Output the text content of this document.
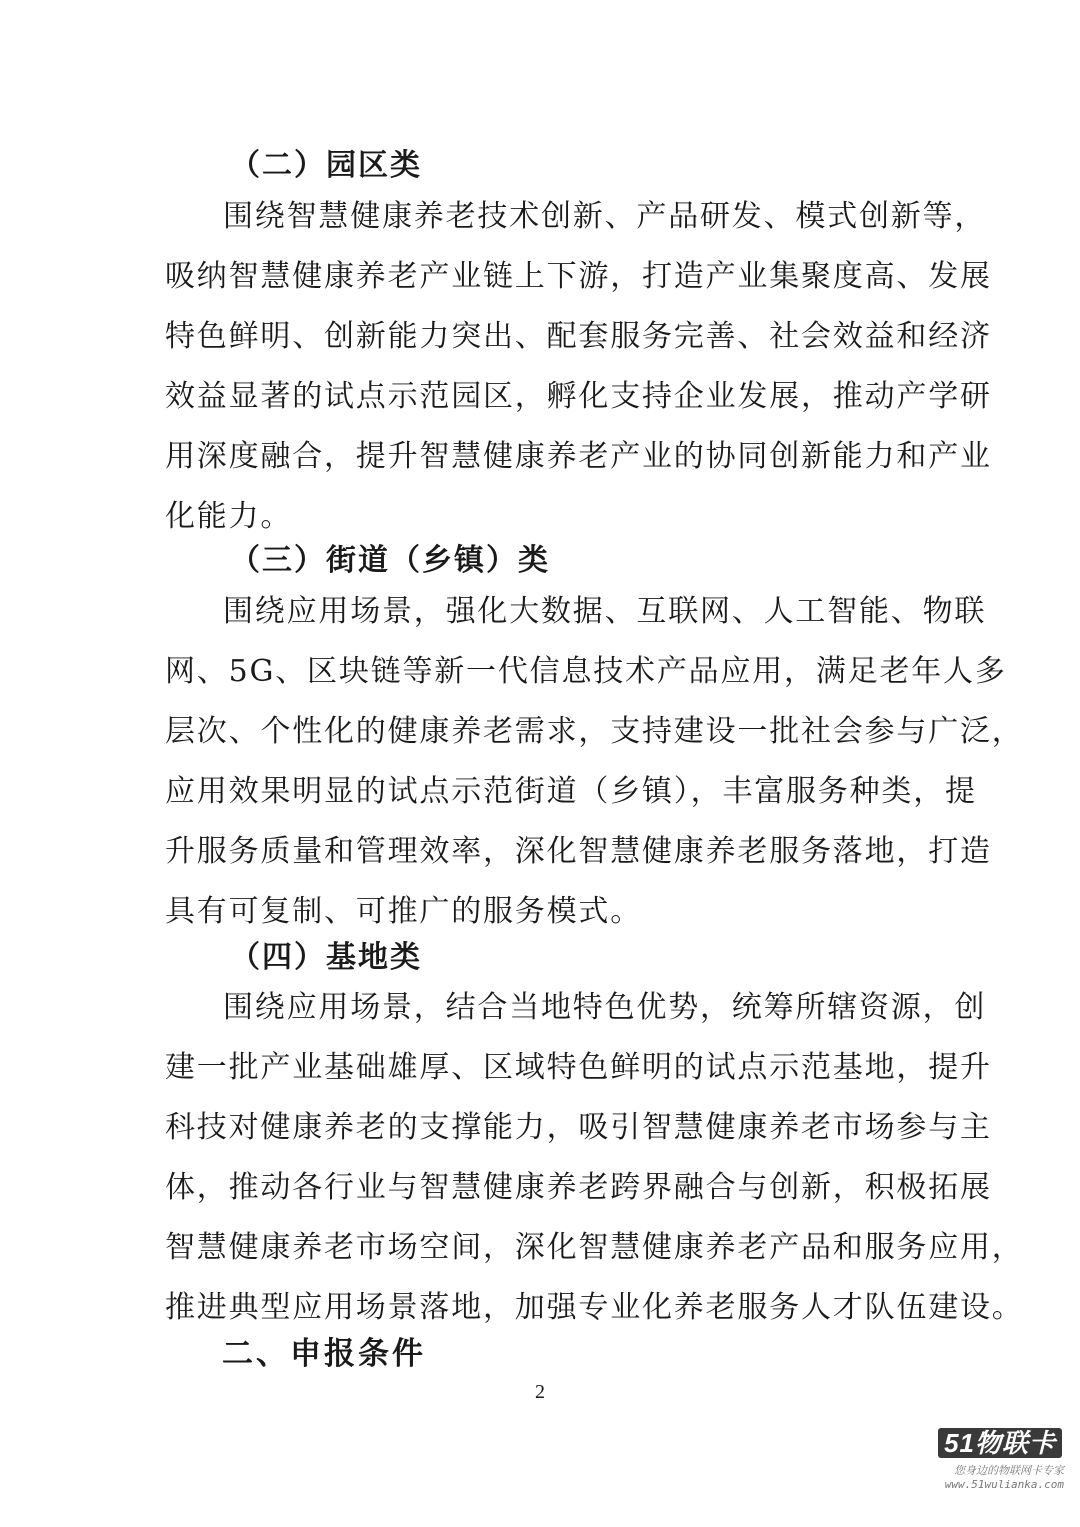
（二）园区类
围绕智慧健康养老技术创新、产品研发、模式创新等，
吸纳智慧健康养老产业链上下游，打造产业集聚度高、发展
特色鲜明、创新能力突出、配套服务完善、社会效益和经济
效益显著的试点示范园区，孵化支持企业发展，推动产学研
用深度融合，提升智慧健康养老产业的协同创新能力和产业
化能力。
（三）街道（乡镇）类
围绕应用场景，强化大数据、互联网、人工智能、物联
网、5G、区块链等新一代信息技术产品应用，满足老年人多
层次、个性化的健康养老需求，支持建设一批社会参与广泛，
应用效果明显的试点示范街道（乡镇），丰富服务种类，提
升服务质量和管理效率，深化智慧健康养老服务落地，打造
具有可复制、可推广的服务模式。
（四）基地类
围绕应用场景，结合当地特色优势，统筹所辖资源，创
建一批产业基础雄厚、区域特色鲜明的试点示范基地，提升
科技对健康养老的支撑能力，吸引智慧健康养老市场参与主
体，推动各行业与智慧健康养老跨界融合与创新，积极拓展
智慧健康养老市场空间，深化智慧健康养老产品和服务应用，
推进典型应用场景落地，加强专业化养老服务人才队伍建设。
二、申报条件
2
51物联卡
您身边的物联网卡专家
www.51wulianka.com
